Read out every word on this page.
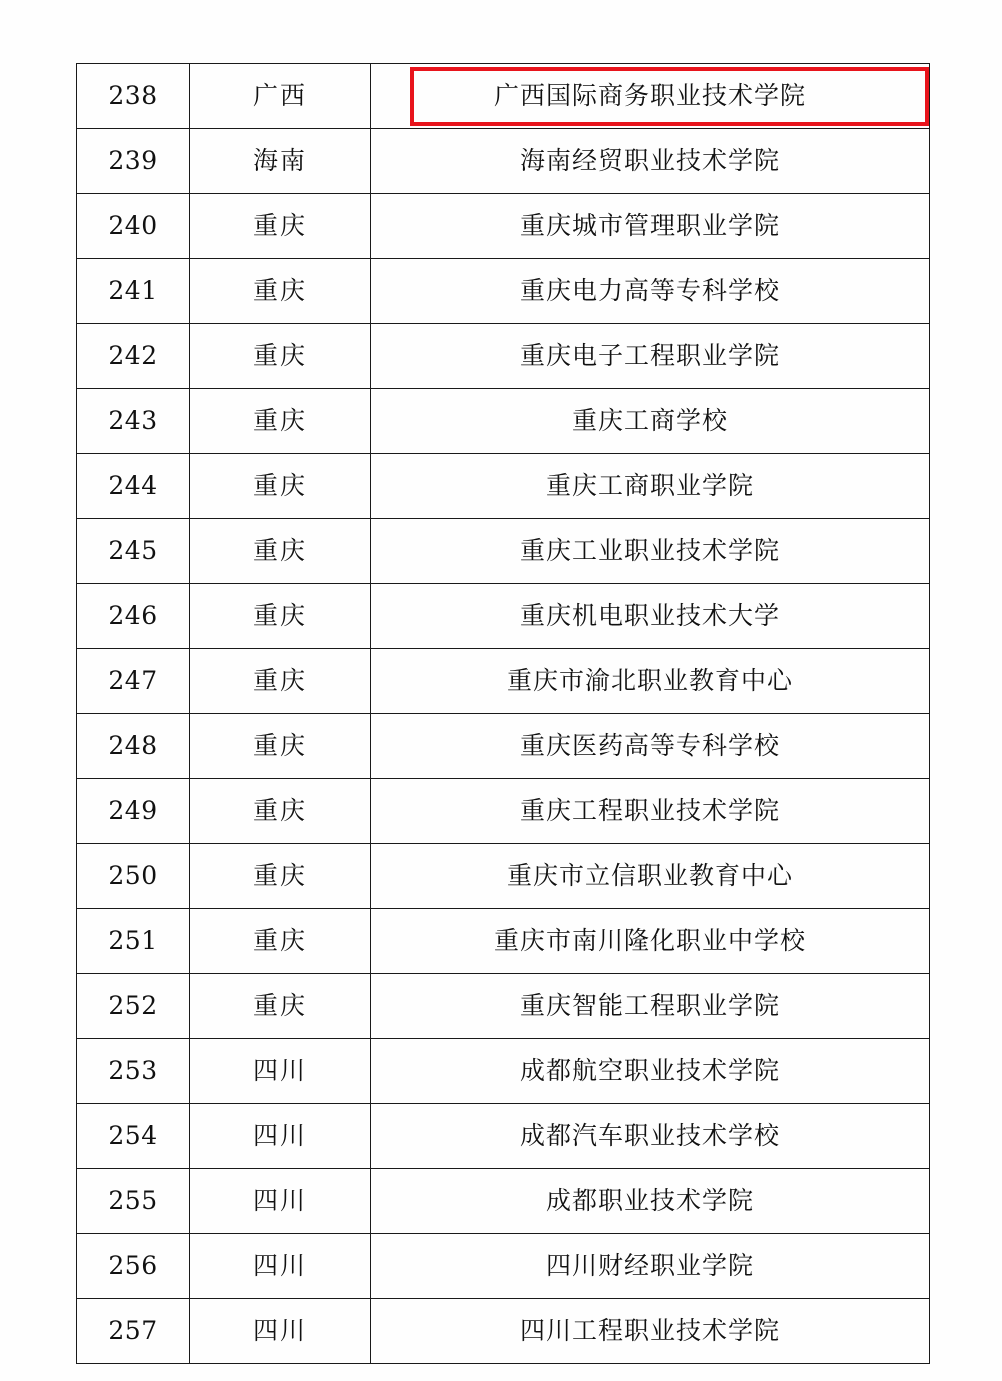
238	广西	广西国际商务职业技术学院
239	海南	海南经贸职业技术学院
240	重庆	重庆城市管理职业学院
241	重庆	重庆电力高等专科学校
242	重庆	重庆电子工程职业学院
243	重庆	重庆工商学校
244	重庆	重庆工商职业学院
245	重庆	重庆工业职业技术学院
246	重庆	重庆机电职业技术大学
247	重庆	重庆市渝北职业教育中心
248	重庆	重庆医药高等专科学校
249	重庆	重庆工程职业技术学院
250	重庆	重庆市立信职业教育中心
251	重庆	重庆市南川隆化职业中学校
252	重庆	重庆智能工程职业学院
253	四川	成都航空职业技术学院
254	四川	成都汽车职业技术学校
255	四川	成都职业技术学院
256	四川	四川财经职业学院
257	四川	四川工程职业技术学院
